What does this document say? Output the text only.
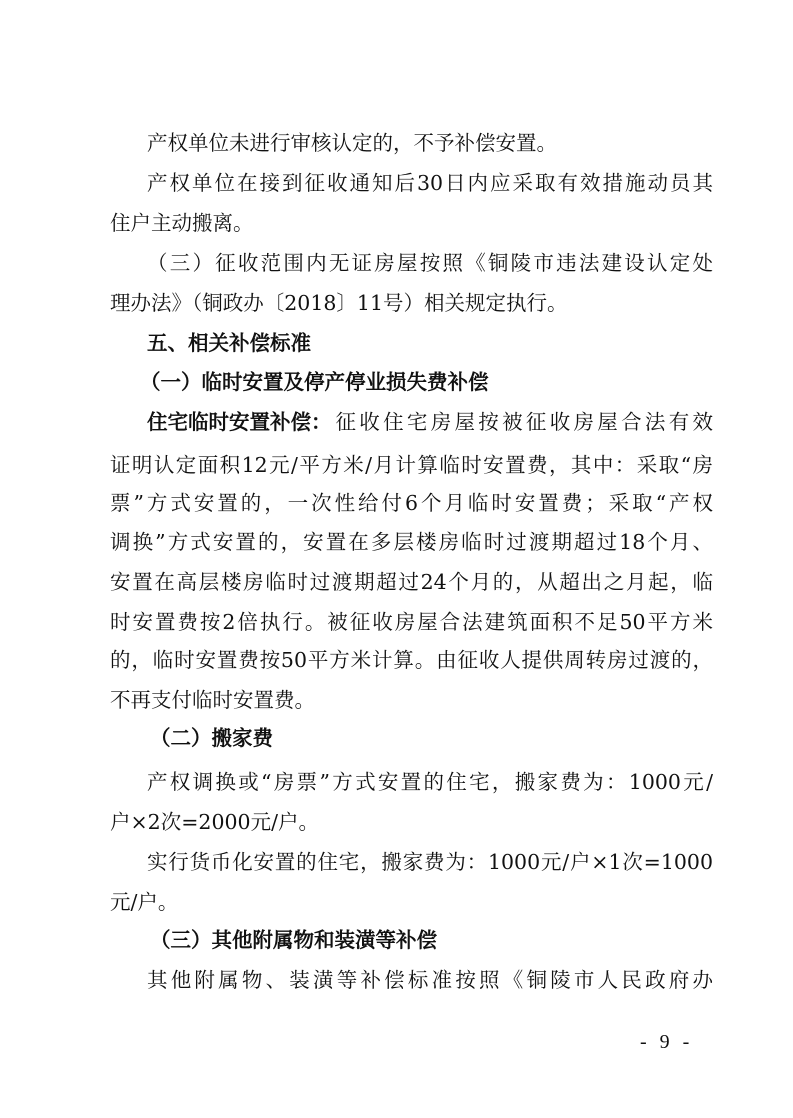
产权单位未进行审核认定的，不予补偿安置。
产权单位在接到征收通知后30日内应采取有效措施动员其
住户主动搬离。
（三）征收范围内无证房屋按照《铜陵市违法建设认定处
理办法》（铜政办〔2018〕11号）相关规定执行。
五、相关补偿标准
（一）临时安置及停产停业损失费补偿
住宅临时安置补偿： 征收住宅房屋按被征收房屋合法有效
证明认定面积12元/平方米/月计算临时安置费，其中：采取“房
票”方式安置的，一次性给付6个月临时安置费；采取“产权
调换”方式安置的，安置在多层楼房临时过渡期超过18个月、
安置在高层楼房临时过渡期超过24个月的，从超出之月起，临
时安置费按2倍执行。被征收房屋合法建筑面积不足50平方米
的，临时安置费按50平方米计算。由征收人提供周转房过渡的，
不再支付临时安置费。
（二）搬家费
产权调换或“房票”方式安置的住宅，搬家费为：1000元/
户×2次=2000元/户。
实行货币化安置的住宅，搬家费为：1000元/户×1次=1000
元/户。
（三）其他附属物和装潢等补偿
其他附属物、装潢等补偿标准按照《铜陵市人民政府办
- 9 -
